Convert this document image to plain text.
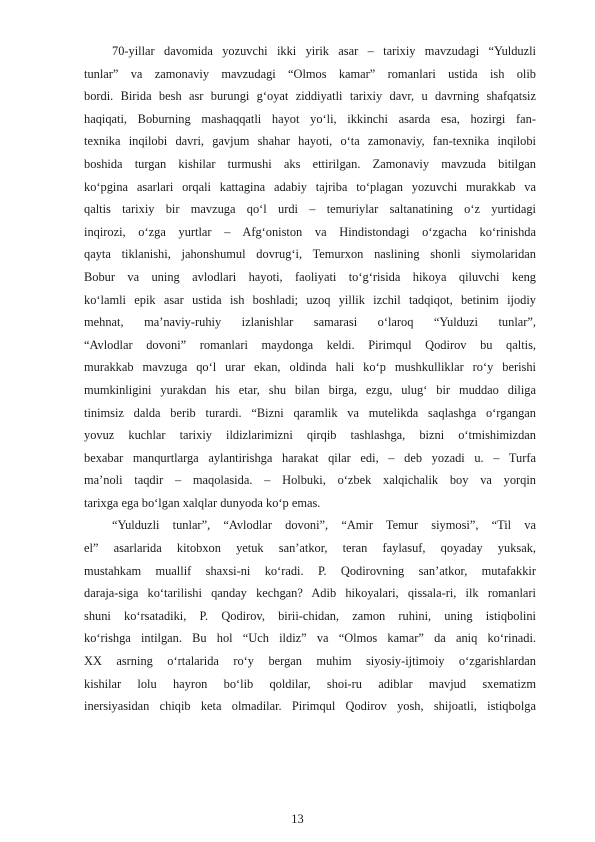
70-yillar davomida yozuvchi ikki yirik asar – tarixiy mavzudagi “Yulduzli
tunlar” va zamonaviy mavzudagi “Olmos kamar” romanlari ustida ish olib
bordi. Birida besh asr burungi g‘oyat ziddiyatli tarixiy davr, u davrning shafqatsiz
haqiqati, Boburning mashaqqatli hayot yo‘li, ikkinchi asarda esa, hozirgi fan-
texnika inqilobi davri, gavjum shahar hayoti, o‘ta zamonaviy, fan-texnika inqilobi
boshida turgan kishilar turmushi aks ettirilgan. Zamonaviy mavzuda bitilgan
ko‘pgina asarlari orqali kattagina adabiy tajriba to‘plagan yozuvchi murakkab va
qaltis tarixiy bir mavzuga qo‘l urdi – temuriylar saltanatining o‘z yurtidagi
inqirozi, o‘zga yurtlar – Afg‘oniston va Hindistondagi o‘zgacha ko‘rinishda
qayta tiklanishi, jahonshumul dovrug‘i, Temurxon naslining shonli siymolaridan
Bobur va uning avlodlari hayoti, faoliyati to‘g‘risida hikoya qiluvchi keng
ko‘lamli epik asar ustida ish boshladi; uzoq yillik izchil tadqiqot, betinim ijodiy
mehnat, ma’naviy-ruhiy izlanishlar samarasi o‘laroq “Yulduzi tunlar”,
“Avlodlar dovoni” romanlari maydonga keldi. Pirimqul Qodirov bu qaltis,
murakkab mavzuga qo‘l urar ekan, oldinda hali ko‘p mushkulliklar ro‘y berishi
mumkinligini yurakdan his etar, shu bilan birga, ezgu, ulug‘ bir muddao diliga
tinimsiz dalda berib turardi. “Bizni qaramlik va mutelikda saqlashga o‘rgangan
yovuz kuchlar tarixiy ildizlarimizni qirqib tashlashga, bizni o‘tmishimizdan
bexabar manqurtlarga aylantirishga harakat qilar edi, – deb yozadi u. – Turfa
ma’noli taqdir – maqolasida. – Holbuki, o‘zbek xalqichalik boy va yorqin
tarixga ega bo‘lgan xalqlar dunyoda ko‘p emas.
“Yulduzli tunlar”, “Avlodlar dovoni”, “Amir Temur siymosi”, “Til va
el” asarlarida kitobxon yetuk san’atkor, teran faylasuf, qoyaday yuksak,
mustahkam muallif shaxsi-ni ko‘radi. P. Qodirovning san’atkor, mutafakkir
daraja-siga ko‘tarilishi qanday kechgan? Adib hikoyalari, qissala-ri, ilk romanlari
shuni ko‘rsatadiki, P. Qodirov, birii-chidan, zamon ruhini, uning istiqbolini
ko‘rishga intilgan. Bu hol “Uch ildiz” va “Olmos kamar” da aniq ko‘rinadi.
XX asrning o‘rtalarida ro‘y bergan muhim siyosiy-ijtimoiy o‘zgarishlardan
kishilar lolu hayron bo‘lib qoldilar, shoi-ru adiblar mavjud sxematizm
inersiyasidan chiqib keta olmadilar. Pirimqul Qodirov yosh, shijoatli, istiqbolga
13
